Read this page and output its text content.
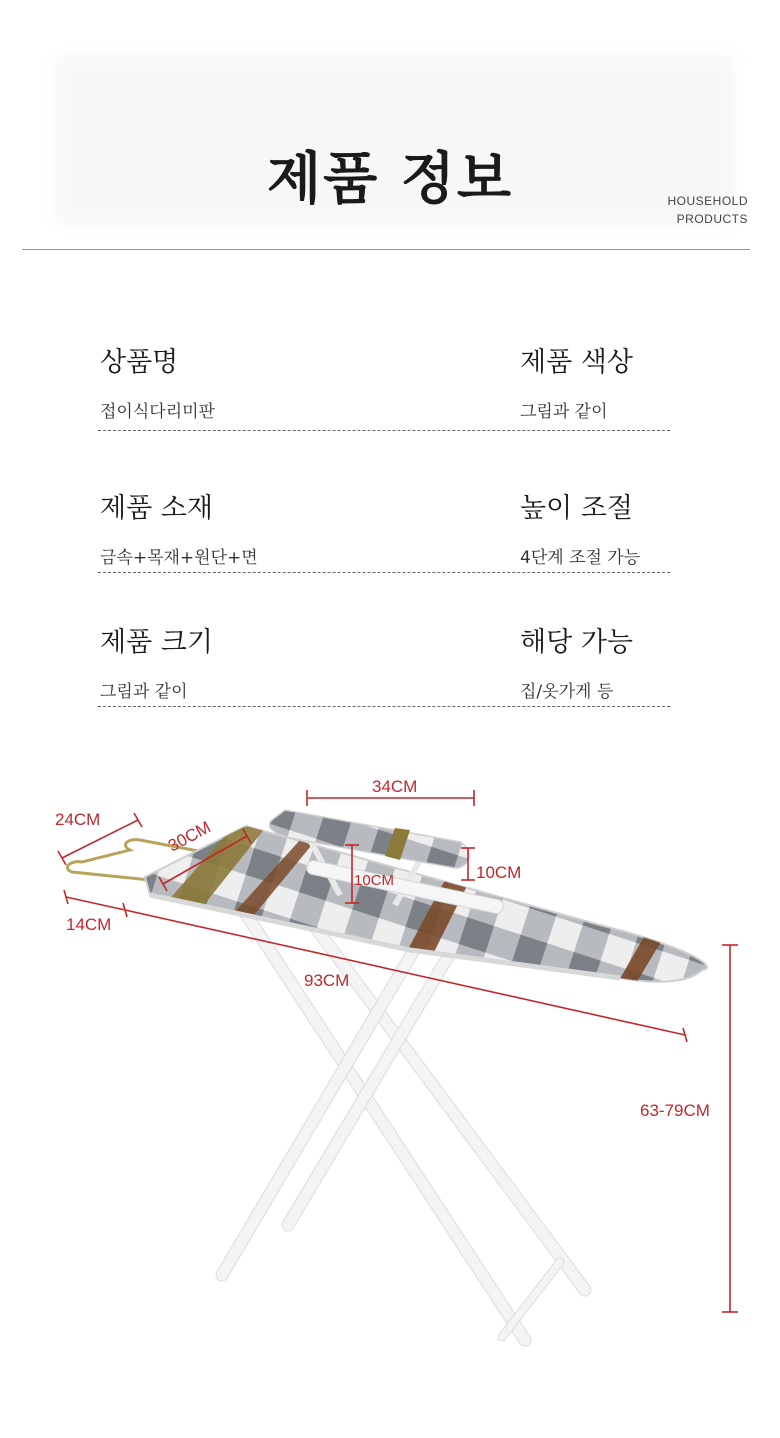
제품 정보	HOUSEHOLD
PRODUCTS
상품명
접이식다리미판
제품 색상
그림과 같이
제품 소재
금속+목재+원단+면
높이 조절
4단계 조절 가능
제품 크기
그림과 같이
해당 가능
집/옷가게 등
34CM
24CM	30CM
10CM	10CM
14CM
93CM
63-79CM
